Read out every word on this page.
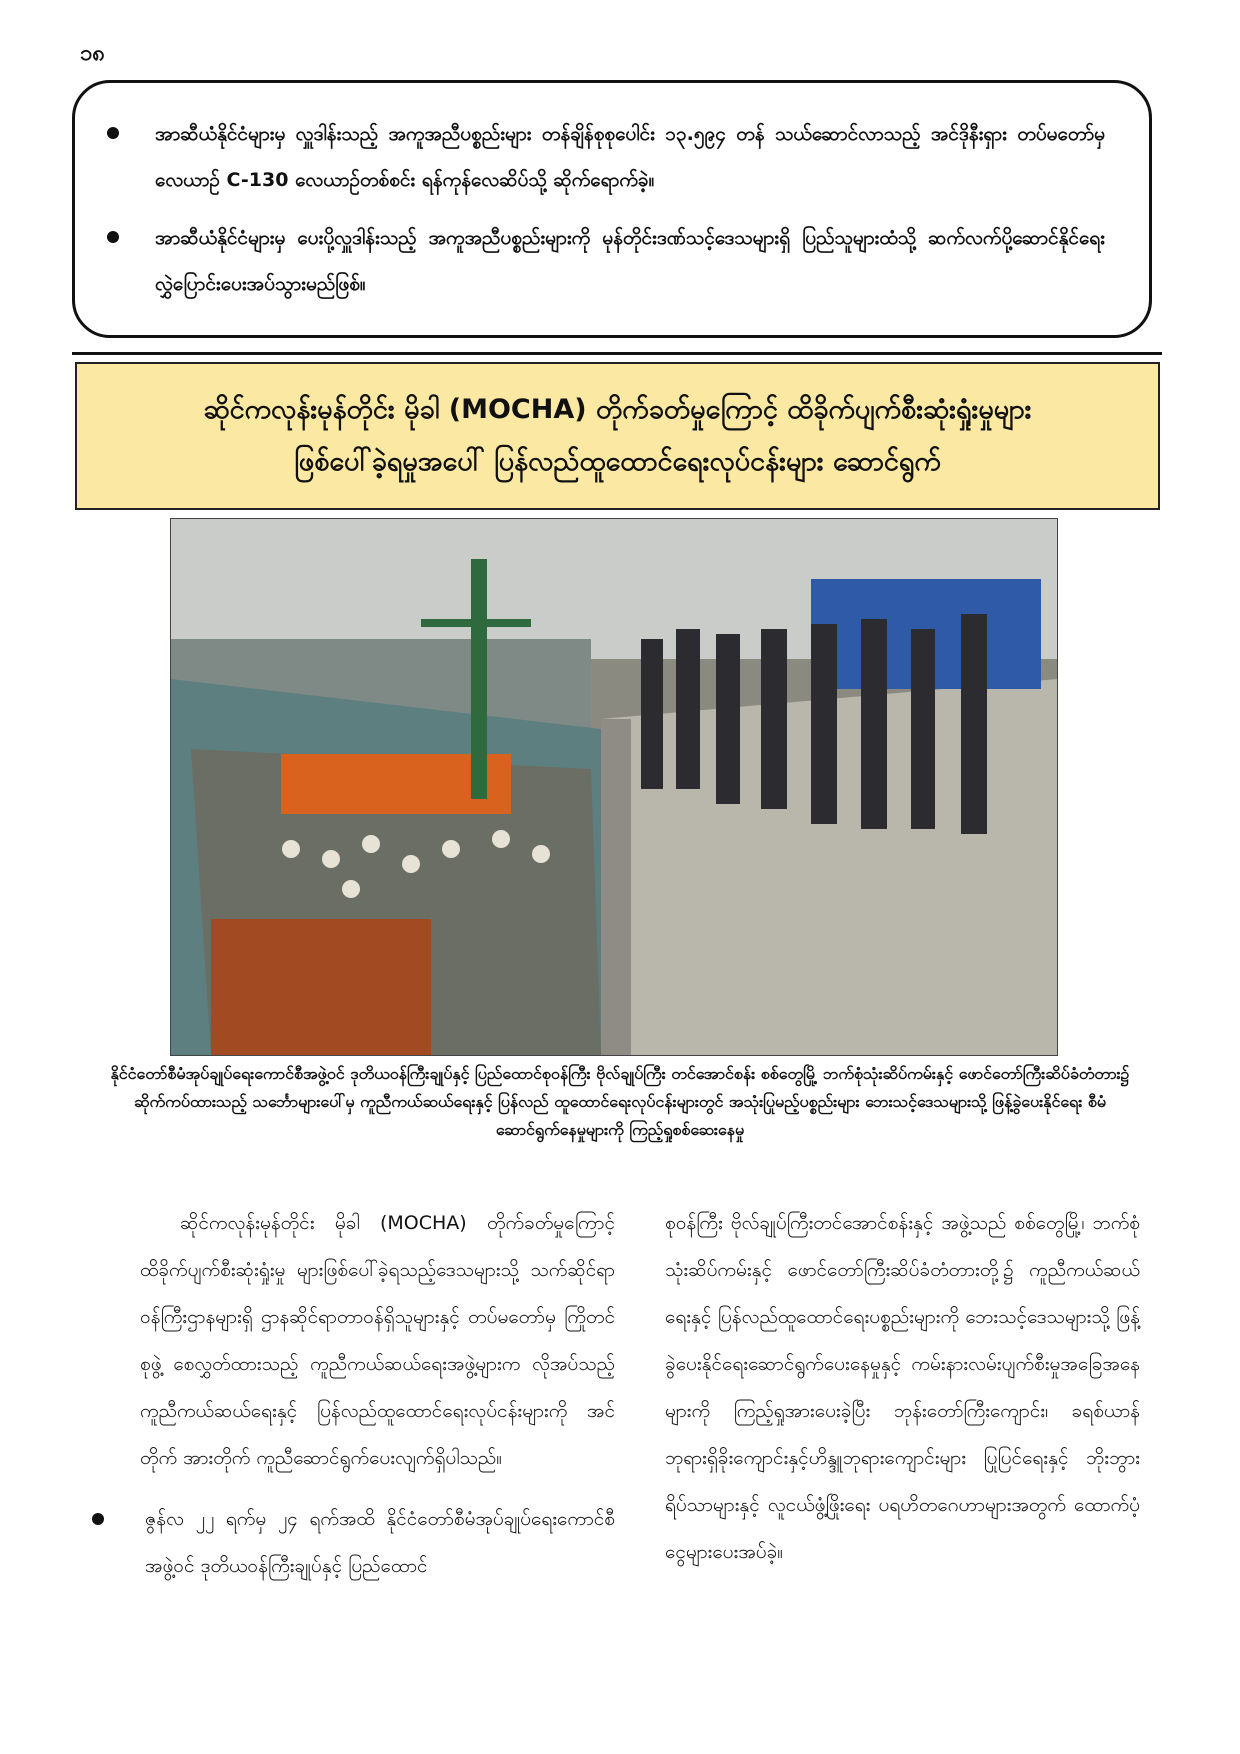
၁၈
အာဆီယံနိုင်ငံများမှ လှူဒါန်းသည့် အကူအညီပစ္စည်းများ တန်ချိန်စုစုပေါင်း ၁၃.၅၉၄ တန် သယ်ဆောင်လာသည့် အင်ဒိုနီးရှား တပ်မတော်မှ လေယာဉ် C-130 လေယာဉ်တစ်စင်း ရန်ကုန်လေဆိပ်သို့ ဆိုက်ရောက်ခဲ့။
အာဆီယံနိုင်ငံများမှ ပေးပို့လှူဒါန်းသည့် အကူအညီပစ္စည်းများကို မုန်တိုင်းဒဏ်သင့်ဒေသများရှိ ပြည်သူများထံသို့ ဆက်လက်ပို့ဆောင်နိုင်ရေး လွှဲပြောင်းပေးအပ်သွားမည်ဖြစ်။
ဆိုင်ကလုန်းမုန်တိုင်း မိုခါ (MOCHA) တိုက်ခတ်မှုကြောင့် ထိခိုက်ပျက်စီးဆုံးရှုံးမှုများ
ဖြစ်ပေါ်ခဲ့ရမှုအပေါ် ပြန်လည်ထူထောင်ရေးလုပ်ငန်းများ ဆောင်ရွက်
နိုင်ငံတော်စီမံအုပ်ချုပ်ရေးကောင်စီအဖွဲ့ဝင် ဒုတိယဝန်ကြီးချုပ်နှင့် ပြည်ထောင်စုဝန်ကြီး ဗိုလ်ချုပ်ကြီး တင်အောင်စန်း စစ်တွေမြို့ ဘက်စုံသုံးဆိပ်ကမ်းနှင့် ဖောင်တော်ကြီးဆိပ်ခံတံတား၌ ဆိုက်ကပ်ထားသည့် သင်္ဘောများပေါ်မှ ကူညီကယ်ဆယ်ရေးနှင့် ပြန်လည် ထူထောင်ရေးလုပ်ငန်းများတွင် အသုံးပြုမည့်ပစ္စည်းများ ဘေးသင့်ဒေသများသို့ ဖြန့်ခွဲပေးနိုင်ရေး စီမံဆောင်ရွက်နေမှုများကို ကြည့်ရှုစစ်ဆေးနေမှု

ဆိုင်ကလုန်းမုန်တိုင်း မိုခါ (MOCHA) တိုက်ခတ်မှုကြောင့် ထိခိုက်ပျက်စီးဆုံးရှုံးမှု များဖြစ်ပေါ်ခဲ့ရသည့်ဒေသများသို့ သက်ဆိုင်ရာဝန်ကြီးဌာနများရှိ ဌာနဆိုင်ရာတာဝန်ရှိသူများနှင့် တပ်မတော်မှ ကြိုတင်စုဖွဲ့ စေလွှတ်ထားသည့် ကူညီကယ်ဆယ်ရေးအဖွဲ့များက လိုအပ်သည့် ကူညီကယ်ဆယ်ရေးနှင့် ပြန်လည်ထူထောင်ရေးလုပ်ငန်းများကို အင်တိုက် အားတိုက် ကူညီဆောင်ရွက်ပေးလျက်ရှိပါသည်။

ဇွန်လ ၂၂ ရက်မှ ၂၄ ရက်အထိ နိုင်ငံတော်စီမံအုပ်ချုပ်ရေးကောင်စီအဖွဲ့ဝင် ဒုတိယဝန်ကြီးချုပ်နှင့် ပြည်ထောင်

စုဝန်ကြီး ဗိုလ်ချုပ်ကြီးတင်အောင်စန်းနှင့် အဖွဲ့သည် စစ်တွေမြို့၊ ဘက်စုံသုံးဆိပ်ကမ်းနှင့် ဖောင်တော်ကြီးဆိပ်ခံတံတားတို့၌ ကူညီကယ်ဆယ်ရေးနှင့် ပြန်လည်ထူထောင်ရေးပစ္စည်းများကို ဘေးသင့်ဒေသများသို့ ဖြန့်ခွဲပေးနိုင်ရေးဆောင်ရွက်ပေးနေမှုနှင့် ကမ်းနားလမ်းပျက်စီးမှုအခြေအနေများကို ကြည့်ရှုအားပေးခဲ့ပြီး ဘုန်းတော်ကြီးကျောင်း၊ ခရစ်ယာန်ဘုရားရှိခိုးကျောင်းနှင့်ဟိန္ဒူဘုရားကျောင်းများ ပြုပြင်ရေးနှင့် ဘိုးဘွားရိပ်သာများနှင့် လူငယ်ဖွံ့ဖြိုးရေး ပရဟိတဂေဟာများအတွက် ထောက်ပံ့ငွေများပေးအပ်ခဲ့။
